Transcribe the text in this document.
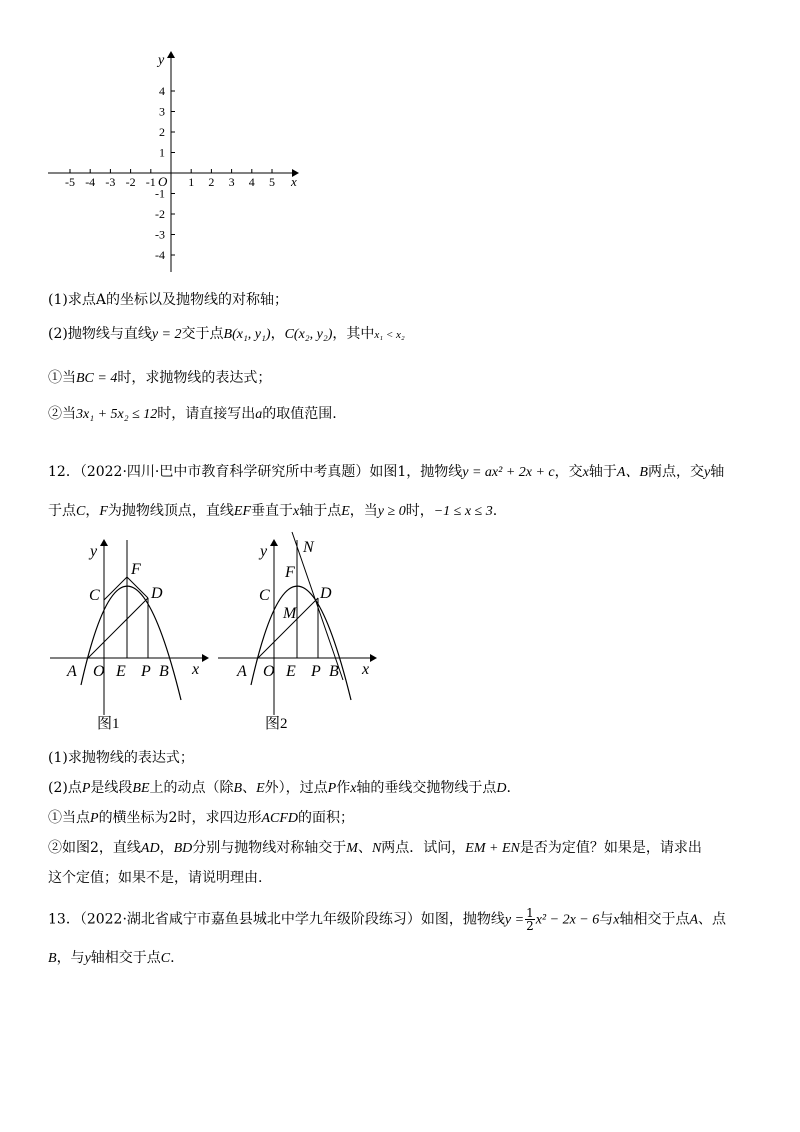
y
x
O
-5 -4 -3 -2 -1	1 2 3 4 5
4
3
2
1
-1
-2
-3
-4
(1)求点A的坐标以及抛物线的对称轴；
(2)抛物线与直线y = 2交于点B(x₁, y₁)，C(x₂, y₂)，其中x₁ < x₂
①当BC = 4时，求抛物线的表达式；
②当3x₁ + 5x₂ ≤ 12时，请直接写出a的取值范围.
12．（2022·四川·巴中市教育科学研究所中考真题）如图1，抛物线y = ax² + 2x + c，交x轴于A、B两点，交y轴
于点C，F为抛物线顶点，直线EF垂直于x轴于点E，当y ≥ 0时，−1 ≤ x ≤ 3.
y
x
A O E P B
C
F
D
图1
y
x
A O E P B
C
F
M
N
D
图2
(1)求抛物线的表达式；
(2)点P是线段BE上的动点（除B、E外），过点P作x轴的垂线交抛物线于点D.
①当点P的横坐标为2时，求四边形ACFD的面积；
②如图2，直线AD，BD分别与抛物线对称轴交于M、N两点．试问，EM + EN是否为定值？如果是，请求出
这个定值；如果不是，请说明理由.
13．（2022·湖北省咸宁市嘉鱼县城北中学九年级阶段练习）如图，抛物线$y = \frac{1}{2} x^2 - 2x - 6$与x轴相交于点A、点
B，与y轴相交于点C.
